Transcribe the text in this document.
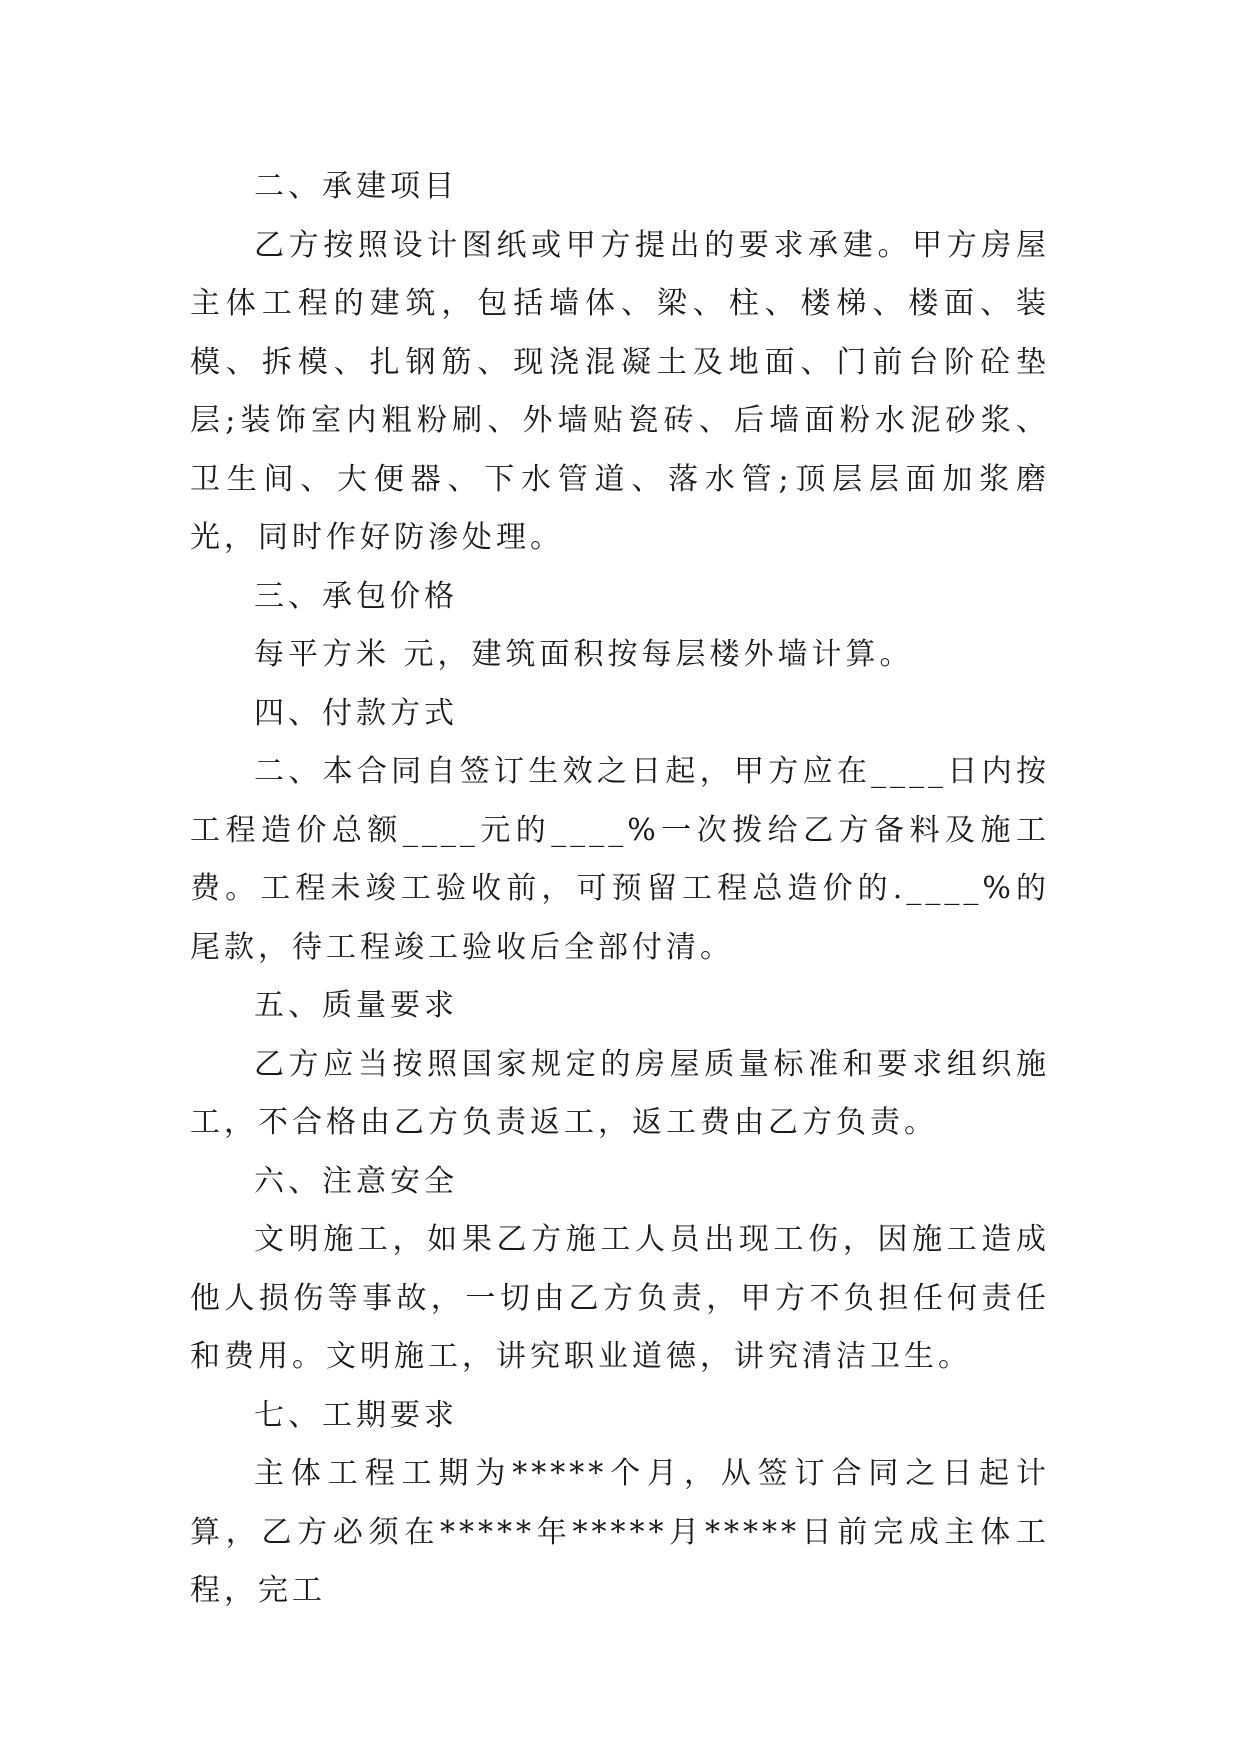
二、承建项目

乙方按照设计图纸或甲方提出的要求承建。甲方房屋主体工程的建筑，包括墙体、梁、柱、楼梯、楼面、装模、拆模、扎钢筋、现浇混凝土及地面、门前台阶砼垫层;装饰室内粗粉刷、外墙贴瓷砖、后墙面粉水泥砂浆、卫生间、大便器、下水管道、落水管;顶层层面加浆磨光，同时作好防渗处理。

三、承包价格

每平方米 元，建筑面积按每层楼外墙计算。

四、付款方式

二、本合同自签订生效之日起，甲方应在____日内按工程造价总额____元的____%一次拨给乙方备料及施工费。工程未竣工验收前，可预留工程总造价的.____%的尾款，待工程竣工验收后全部付清。

五、质量要求

乙方应当按照国家规定的房屋质量标准和要求组织施工，不合格由乙方负责返工，返工费由乙方负责。

六、注意安全

文明施工，如果乙方施工人员出现工伤，因施工造成他人损伤等事故，一切由乙方负责，甲方不负担任何责任和费用。文明施工，讲究职业道德，讲究清洁卫生。

七、工期要求

主体工程工期为*****个月，从签订合同之日起计算，乙方必须在*****年*****月*****日前完成主体工程，完工
